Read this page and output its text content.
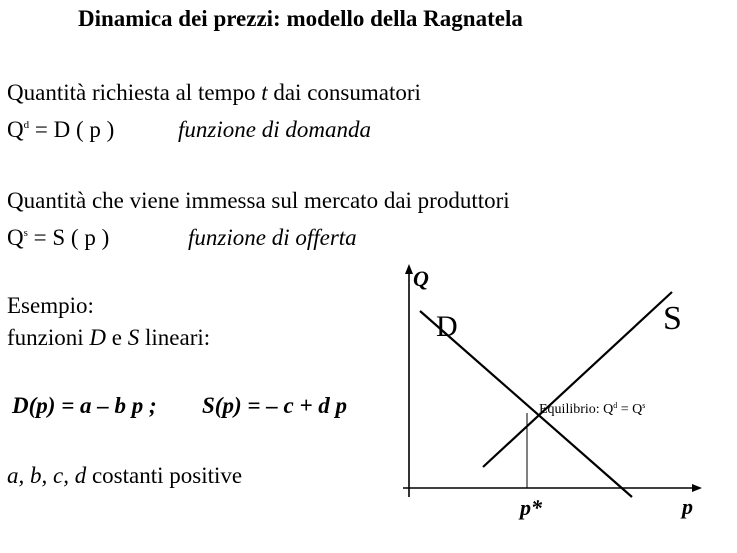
Dinamica dei prezzi: modello della Ragnatela
Quantità richiesta al tempo t dai consumatori
$Q^d = D$ ( p )	funzione di domanda
Quantità che viene immessa sul mercato dai produttori
$Q^s = S$ ( p )	funzione di offerta
Esempio:
funzioni D e S lineari:
D(p) = a – b p ; S(p) = – c + d p
a, b, c, d costanti positive
Q
D	S
Equilibrio: $Q^d = Q^s$
p*	p
